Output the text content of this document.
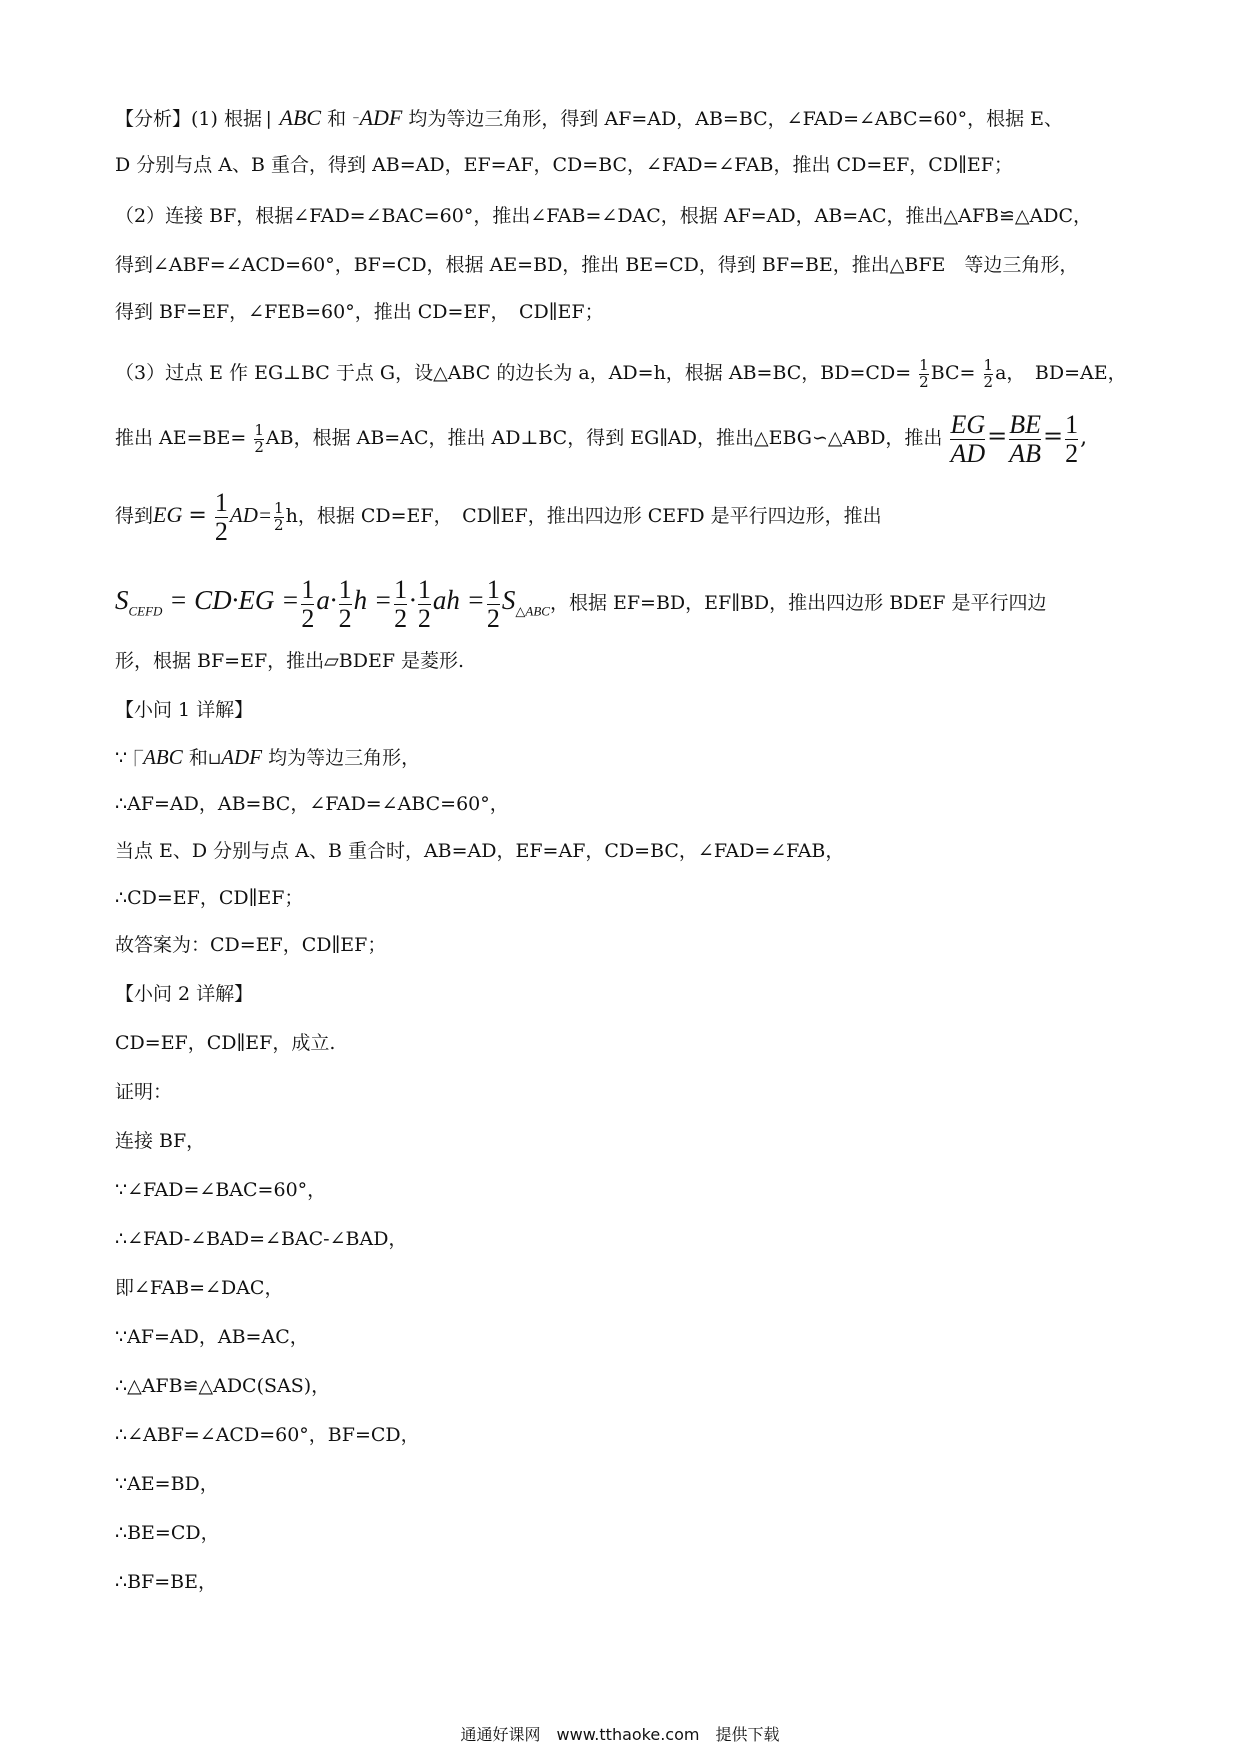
【分析】(1) 根据 ▏ABC 和 ⁻ADF 均为等边三角形，得到 AF=AD，AB=BC，∠FAD=∠ABC=60°，根据 E、
D 分别与点 A、B 重合，得到 AB=AD，EF=AF，CD=BC，∠FAD=∠FAB，推出 CD=EF，CD∥EF；
（2）连接 BF，根据∠FAD=∠BAC=60°，推出∠FAB=∠DAC，根据 AF=AD，AB=AC，推出△AFB≌△ADC，
得到∠ABF=∠ACD=60°，BF=CD，根据 AE=BD，推出 BE=CD，得到 BF=BE，推出△BFE　等边三角形，
得到 BF=EF，∠FEB=60°，推出 CD=EF，　CD∥EF；
（3）过点 E 作 EG⊥BC 于点 G，设△ABC 的边长为 a，AD=h，根据 AB=BC，$BD=CD= \frac{1}{2} BC= \frac{1}{2}$ a，　BD=AE，
推出 $AE=BE= \frac{1}{2}$ AB，根据 AB=AC，推出 AD⊥BC，得到 EG∥AD，推出△EBG∽△ABD，推出 $\frac{EG}{AD} = \frac{BE}{AB} = \frac{1}{2}$ ,
得到EG = $\frac{1}{2} AD= \frac{1}{2}$ h，根据 CD=EF，　CD∥EF，推出四边形 CEFD 是平行四边形，推出
$S_{CEFD} = CD\cdot EG = \frac{1}{2} a\cdot \frac{1}{2}$ $h = \frac{1}{2} \cdot \frac{1}{2}$ ah = $\frac{1}{2} S_{\triangle ABC}$，根据 EF=BD，EF∥BD，推出四边形 BDEF 是平行四边
形，根据 BF=EF，推出▱BDEF 是菱形.
【小问 1 详解】
∵⎾ABC 和⊔ADF 均为等边三角形，
∴AF=AD，AB=BC，∠FAD=∠ABC=60°，
当点 E、D 分别与点 A、B 重合时，AB=AD，EF=AF，CD=BC，∠FAD=∠FAB，
∴CD=EF，CD∥EF；
故答案为：CD=EF，CD∥EF；
【小问 2 详解】
CD=EF，CD∥EF，成立.
证明：
连接 BF，
∵∠FAD=∠BAC=60°，
∴∠FAD-∠BAD=∠BAC-∠BAD，
即∠FAB=∠DAC，
∵AF=AD，AB=AC，
∴△AFB≌△ADC(SAS)，
∴∠ABF=∠ACD=60°，BF=CD，
∵AE=BD，
∴BE=CD，
∴BF=BE，
通通好课网　www.tthaoke.com　提供下载
